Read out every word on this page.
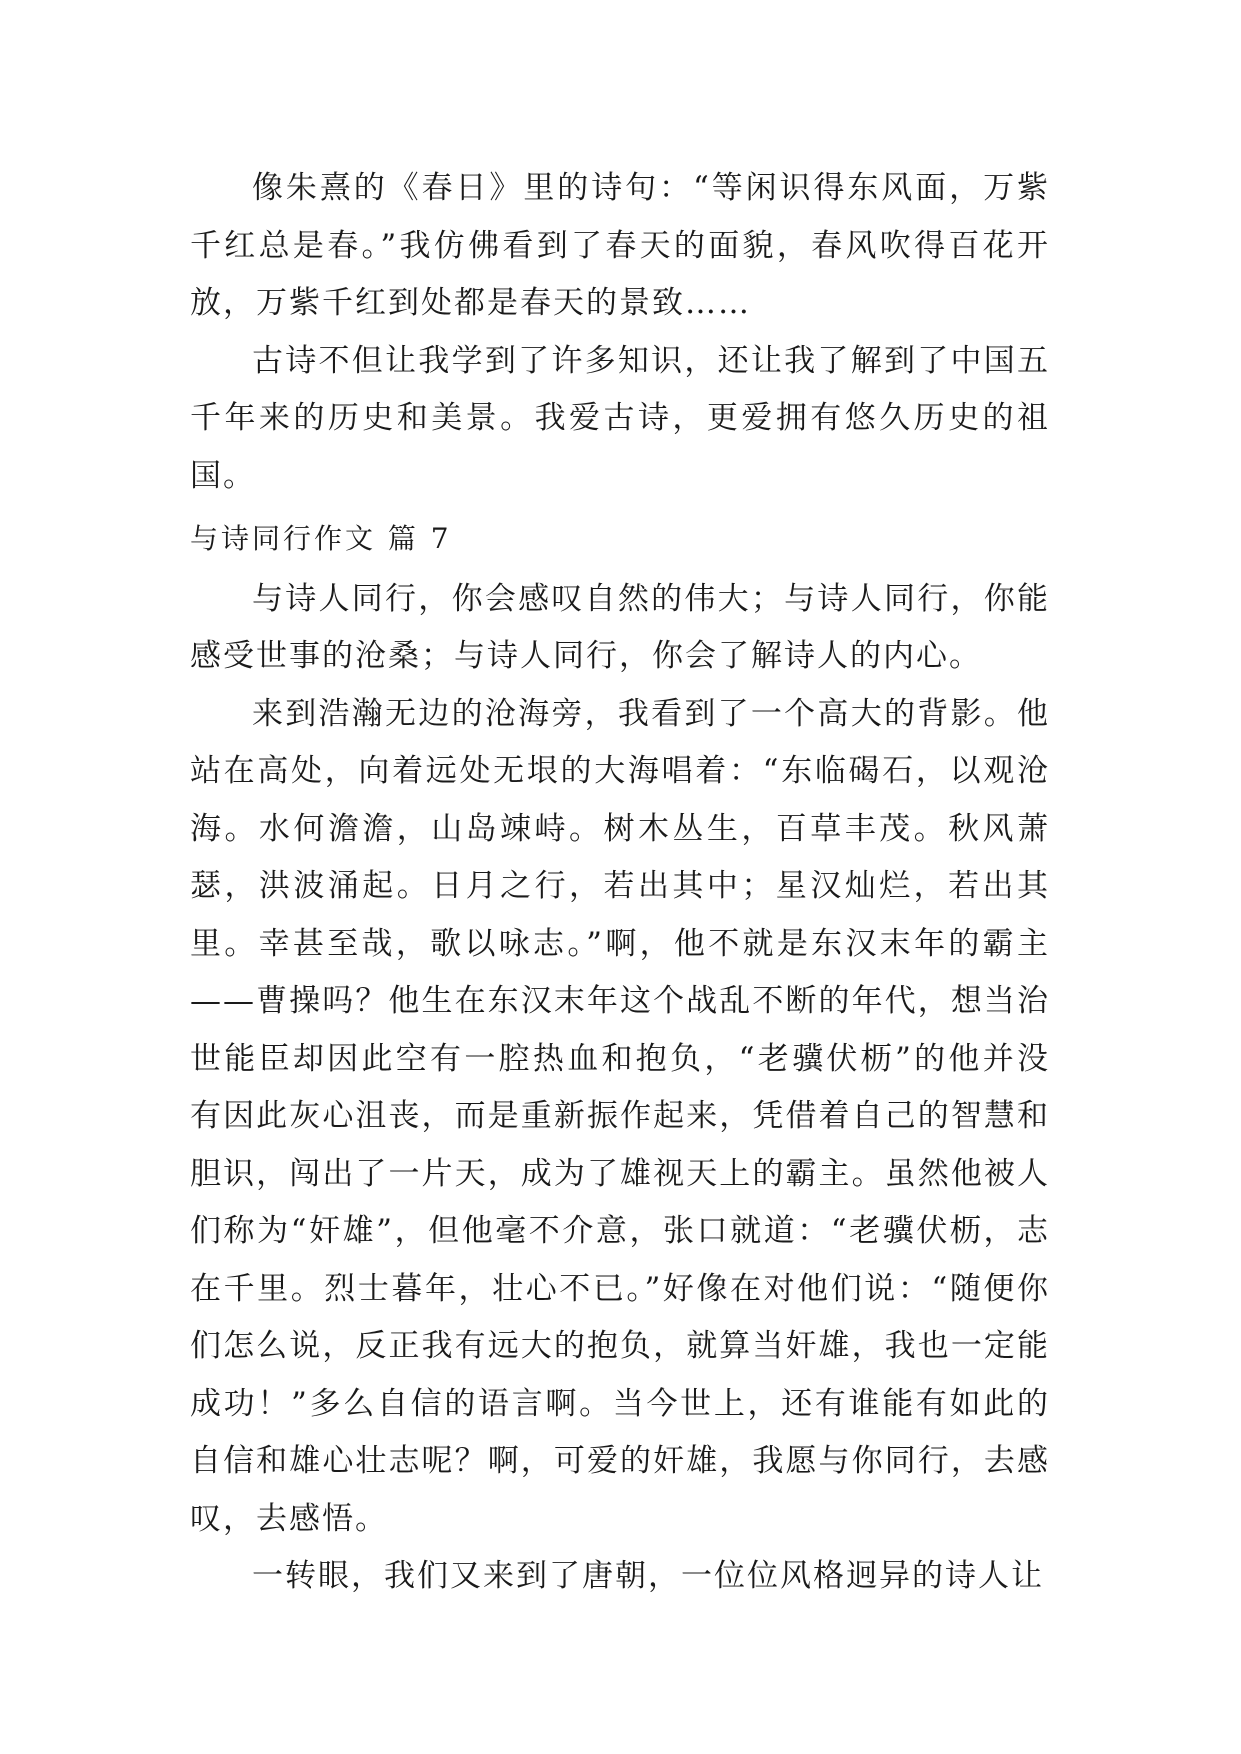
像朱熹的《春日》里的诗句：“等闲识得东风面，万紫千红总是春。”我仿佛看到了春天的面貌，春风吹得百花开放，万紫千红到处都是春天的景致……

古诗不但让我学到了许多知识，还让我了解到了中国五千年来的历史和美景。我爱古诗，更爱拥有悠久历史的祖国。

与诗同行作文 篇 7

与诗人同行，你会感叹自然的伟大；与诗人同行，你能感受世事的沧桑；与诗人同行，你会了解诗人的内心。

来到浩瀚无边的沧海旁，我看到了一个高大的背影。他站在高处，向着远处无垠的大海唱着：“东临碣石，以观沧海。水何澹澹，山岛竦峙。树木丛生，百草丰茂。秋风萧瑟，洪波涌起。日月之行，若出其中；星汉灿烂，若出其里。幸甚至哉，歌以咏志。”啊，他不就是东汉末年的霸主——曹操吗？他生在东汉末年这个战乱不断的年代，想当治世能臣却因此空有一腔热血和抱负，“老骥伏枥”的他并没有因此灰心沮丧，而是重新振作起来，凭借着自己的智慧和胆识，闯出了一片天，成为了雄视天上的霸主。虽然他被人们称为“奸雄”，但他毫不介意，张口就道：“老骥伏枥，志在千里。烈士暮年，壮心不已。”好像在对他们说：“随便你们怎么说，反正我有远大的抱负，就算当奸雄，我也一定能成功！”多么自信的语言啊。当今世上，还有谁能有如此的自信和雄心壮志呢？啊，可爱的奸雄，我愿与你同行，去感叹，去感悟。

一转眼，我们又来到了唐朝，一位位风格迥异的诗人让
